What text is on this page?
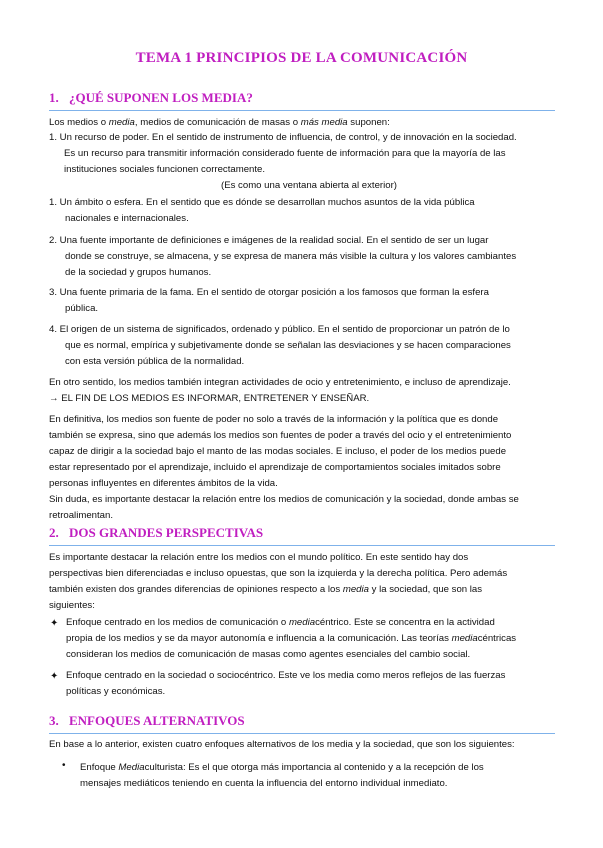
TEMA 1 PRINCIPIOS DE LA COMUNICACIÓN
1. ¿QUÉ SUPONEN LOS MEDIA?
Los medios o media, medios de comunicación de masas o más media suponen:
1. Un recurso de poder. En el sentido de instrumento de influencia, de control, y de innovación en la sociedad.
Es un recurso para transmitir información considerado fuente de información para que la mayoría de las
instituciones sociales funcionen correctamente.
(Es como una ventana abierta al exterior)
1. Un ámbito o esfera. En el sentido que es dónde se desarrollan muchos asuntos de la vida pública
nacionales e internacionales.
2. Una fuente importante de definiciones e imágenes de la realidad social. En el sentido de ser un lugar
donde se construye, se almacena, y se expresa de manera más visible la cultura y los valores cambiantes
de la sociedad y grupos humanos.
3. Una fuente primaria de la fama. En el sentido de otorgar posición a los famosos que forman la esfera
pública.
4. El origen de un sistema de significados, ordenado y público. En el sentido de proporcionar un patrón de lo
que es normal, empírica y subjetivamente donde se señalan las desviaciones y se hacen comparaciones
con esta versión pública de la normalidad.
En otro sentido, los medios también integran actividades de ocio y entretenimiento, e incluso de aprendizaje.
→ EL FIN DE LOS MEDIOS ES INFORMAR, ENTRETENER Y ENSEÑAR.
En definitiva, los medios son fuente de poder no solo a través de la información y la política que es donde
también se expresa, sino que además los medios son fuentes de poder a través del ocio y el entretenimiento
capaz de dirigir a la sociedad bajo el manto de las modas sociales. E incluso, el poder de los medios puede
estar representado por el aprendizaje, incluido el aprendizaje de comportamientos sociales imitados sobre
personas influyentes en diferentes ámbitos de la vida.
Sin duda, es importante destacar la relación entre los medios de comunicación y la sociedad, donde ambas se
retroalimentan.
2. DOS GRANDES PERSPECTIVAS
Es importante destacar la relación entre los medios con el mundo político. En este sentido hay dos
perspectivas bien diferenciadas e incluso opuestas, que son la izquierda y la derecha política. Pero además
también existen dos grandes diferencias de opiniones respecto a los media y la sociedad, que son las
siguientes:
✦ Enfoque centrado en los medios de comunicación o mediacéntrico. Este se concentra en la actividad
propia de los medios y se da mayor autonomía e influencia a la comunicación. Las teorías mediacéntricas
consideran los medios de comunicación de masas como agentes esenciales del cambio social.
✦ Enfoque centrado en la sociedad o sociocéntrico. Este ve los media como meros reflejos de las fuerzas
políticas y económicas.
3. ENFOQUES ALTERNATIVOS
En base a lo anterior, existen cuatro enfoques alternativos de los media y la sociedad, que son los siguientes:
• Enfoque Mediaculturista: Es el que otorga más importancia al contenido y a la recepción de los
mensajes mediáticos teniendo en cuenta la influencia del entorno individual inmediato.
